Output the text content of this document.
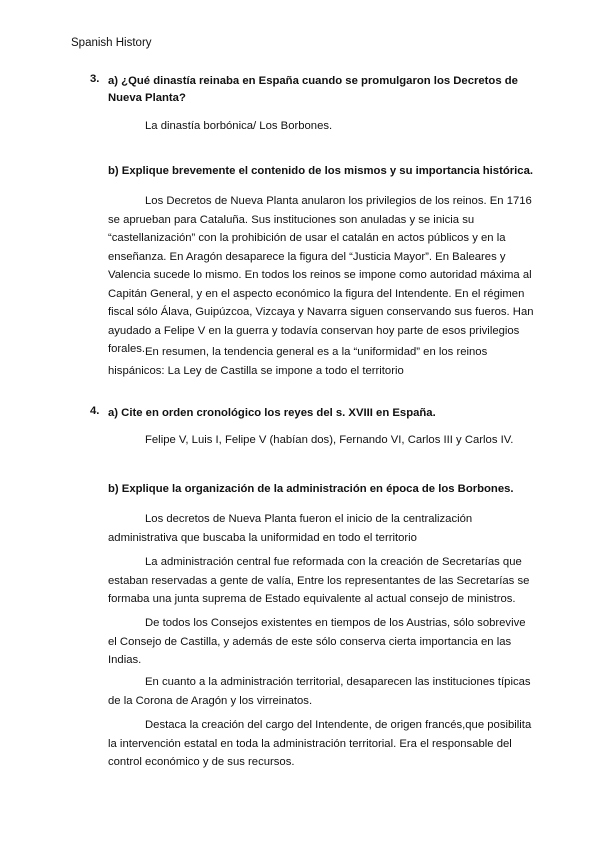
Spanish History
3. a) ¿Qué dinastía reinaba en España cuando se promulgaron los Decretos de Nueva Planta?
La dinastía borbónica/ Los Borbones.
b) Explique brevemente el contenido de los mismos y su importancia histórica.
Los Decretos de Nueva Planta anularon los privilegios de los reinos. En 1716 se aprueban para Cataluña. Sus instituciones son anuladas y se inicia su “castellanización” con la prohibición de usar el catalán en actos públicos y en la enseñanza. En Aragón desaparece la figura del “Justicia Mayor”. En Baleares y Valencia sucede lo mismo. En todos los reinos se impone como autoridad máxima al Capitán General, y en el aspecto económico la figura del Intendente. En el régimen fiscal sólo Álava, Guipúzcoa, Vizcaya y Navarra siguen conservando sus fueros. Han ayudado a Felipe V en la guerra y todavía conservan hoy parte de esos privilegios forales. En resumen, la tendencia general es a la “uniformidad” en los reinos hispánicos: La Ley de Castilla se impone a todo el territorio
4. a) Cite en orden cronológico los reyes del s. XVIII en España.
Felipe V, Luis I, Felipe V (habían dos), Fernando VI, Carlos III y Carlos IV.
b) Explique la organización de la administración en época de los Borbones.
Los decretos de Nueva Planta fueron el inicio de la centralización administrativa que buscaba la uniformidad en todo el territorio
La administración central fue reformada con la creación de Secretarías que estaban reservadas a gente de valía, Entre los representantes de las Secretarías se formaba una junta suprema de Estado equivalente al actual consejo de ministros.
De todos los Consejos existentes en tiempos de los Austrias, sólo sobrevive el Consejo de Castilla, y además de este sólo conserva cierta importancia en las Indias.
En cuanto a la administración territorial, desaparecen las instituciones típicas de la Corona de Aragón y los virreinatos.
Destaca la creación del cargo del Intendente, de origen francés,que posibilita la intervención estatal en toda la administración territorial. Era el responsable del control económico y de sus recursos.
